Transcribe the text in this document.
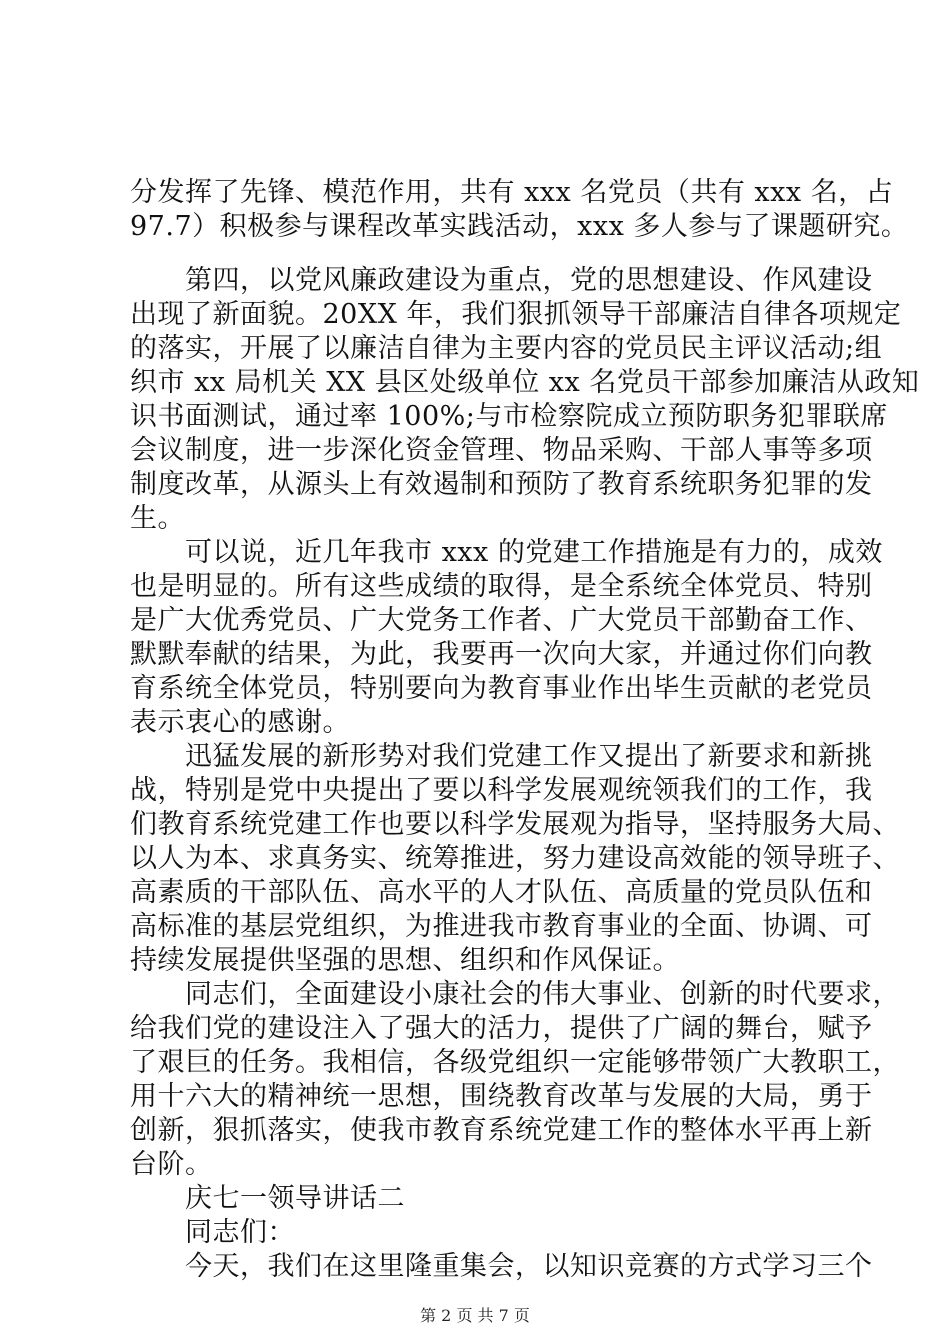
分发挥了先锋、模范作用，共有 xxx 名党员（共有 xxx 名，占
97.7）积极参与课程改革实践活动，xxx 多人参与了课题研究。
　　第四，以党风廉政建设为重点，党的思想建设、作风建设
出现了新面貌。20XX 年，我们狠抓领导干部廉洁自律各项规定
的落实，开展了以廉洁自律为主要内容的党员民主评议活动;组
织市 xx 局机关 XX 县区处级单位 xx 名党员干部参加廉洁从政知
识书面测试，通过率 100%;与市检察院成立预防职务犯罪联席
会议制度，进一步深化资金管理、物品采购、干部人事等多项
制度改革，从源头上有效遏制和预防了教育系统职务犯罪的发
生。
　　可以说，近几年我市 xxx 的党建工作措施是有力的，成效
也是明显的。所有这些成绩的取得，是全系统全体党员、特别
是广大优秀党员、广大党务工作者、广大党员干部勤奋工作、
默默奉献的结果，为此，我要再一次向大家，并通过你们向教
育系统全体党员，特别要向为教育事业作出毕生贡献的老党员
表示衷心的感谢。
　　迅猛发展的新形势对我们党建工作又提出了新要求和新挑
战，特别是党中央提出了要以科学发展观统领我们的工作，我
们教育系统党建工作也要以科学发展观为指导，坚持服务大局、
以人为本、求真务实、统筹推进，努力建设高效能的领导班子、
高素质的干部队伍、高水平的人才队伍、高质量的党员队伍和
高标准的基层党组织，为推进我市教育事业的全面、协调、可
持续发展提供坚强的思想、组织和作风保证。
　　同志们，全面建设小康社会的伟大事业、创新的时代要求，
给我们党的建设注入了强大的活力，提供了广阔的舞台，赋予
了艰巨的任务。我相信，各级党组织一定能够带领广大教职工，
用十六大的精神统一思想，围绕教育改革与发展的大局，勇于
创新，狠抓落实，使我市教育系统党建工作的整体水平再上新
台阶。
　　庆七一领导讲话二
　　同志们：
　　今天，我们在这里隆重集会，以知识竞赛的方式学习三个
第 2 页 共 7 页
